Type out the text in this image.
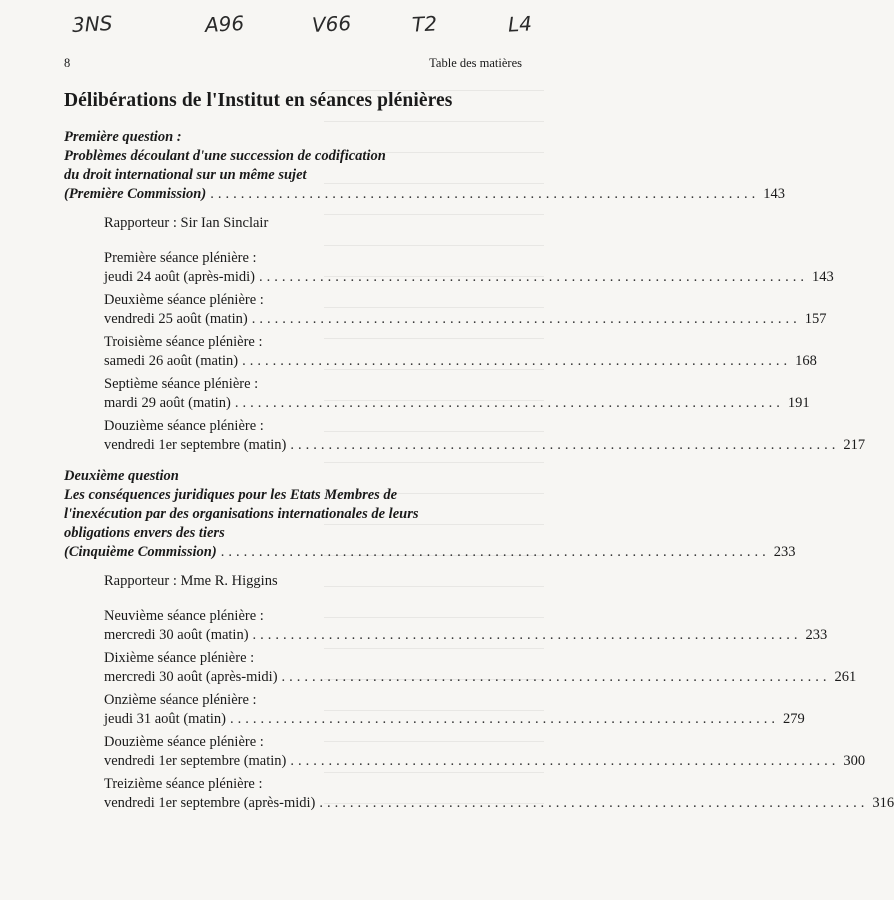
3NS	A96	V66	T2	L4
8	Table des matières
Délibérations de l'Institut en séances plénières
Première question :
Problèmes découlant d'une succession de codification
du droit international sur un même sujet
(Première Commission) ........................................................................ 143
Rapporteur : Sir Ian Sinclair
Première séance plénière :
jeudi 24 août (après-midi) ........................................................................ 143
Deuxième séance plénière :
vendredi 25 août (matin) ........................................................................ 157
Troisième séance plénière :
samedi 26 août (matin) ........................................................................ 168
Septième séance plénière :
mardi 29 août (matin) ........................................................................ 191
Douzième séance plénière :
vendredi 1er septembre (matin) ........................................................................ 217
Deuxième question
Les conséquences juridiques pour les Etats Membres de
l'inexécution par des organisations internationales de leurs
obligations envers des tiers
(Cinquième Commission) ........................................................................ 233
Rapporteur : Mme R. Higgins
Neuvième séance plénière :
mercredi 30 août (matin) ........................................................................ 233
Dixième séance plénière :
mercredi 30 août (après-midi) ........................................................................ 261
Onzième séance plénière :
jeudi 31 août (matin) ........................................................................ 279
Douzième séance plénière :
vendredi 1er septembre (matin) ........................................................................ 300
Treizième séance plénière :
vendredi 1er septembre (après-midi) ........................................................................ 316
